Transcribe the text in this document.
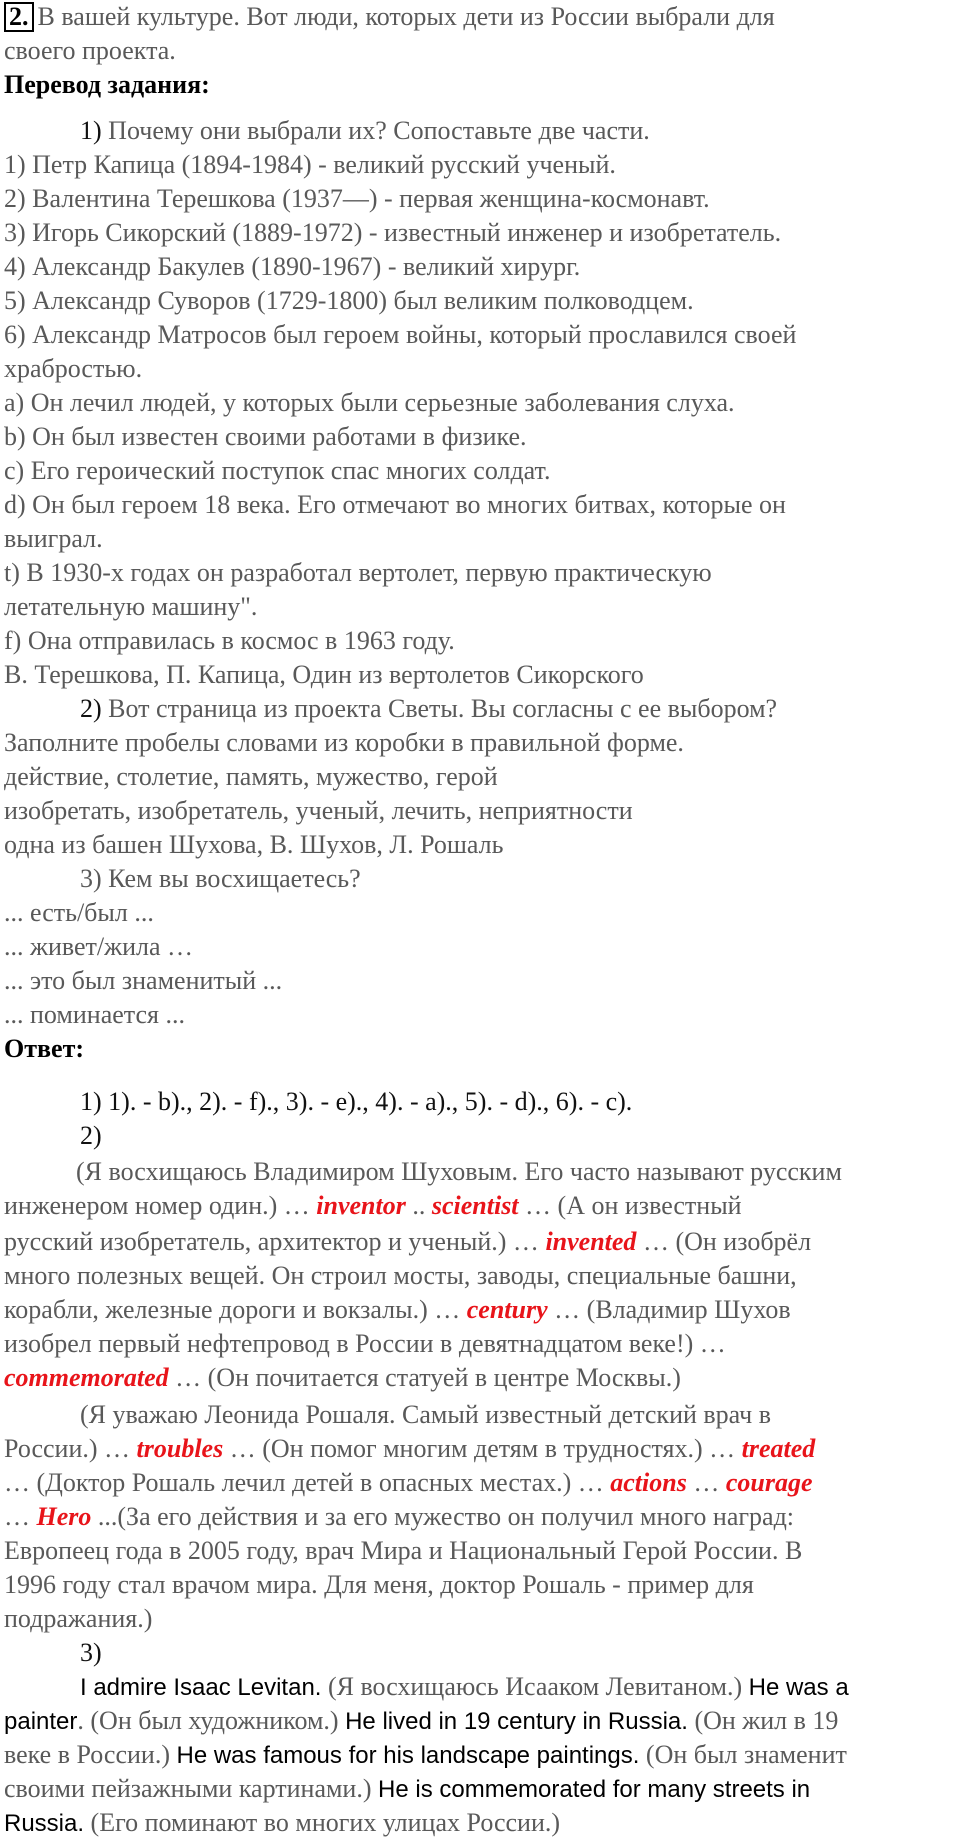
2. В вашей культуре. Вот люди, которых дети из России выбрали для
своего проекта.
Перевод задания:
1) Почему они выбрали их? Сопоставьте две части.
1) Петр Капица (1894-1984) - великий русский ученый.
2) Валентина Терешкова (1937—) - первая женщина-космонавт.
3) Игорь Сикорский (1889-1972) - известный инженер и изобретатель.
4) Александр Бакулев (1890-1967) - великий хирург.
5) Александр Суворов (1729-1800) был великим полководцем.
6) Александр Матросов был героем войны, который прославился своей
храбростью.
a) Он лечил людей, у которых были серьезные заболевания слуха.
b) Он был известен своими работами в физике.
c) Его героический поступок спас многих солдат.
d) Он был героем 18 века. Его отмечают во многих битвах, которые он
выиграл.
t) В 1930-х годах он разработал вертолет, первую практическую
летательную машину".
f) Она отправилась в космос в 1963 году.
В. Терешкова, П. Капица, Один из вертолетов Сикорского
2) Вот страница из проекта Светы. Вы согласны с ее выбором?
Заполните пробелы словами из коробки в правильной форме.
действие, столетие, память, мужество, герой
изобретать, изобретатель, ученый, лечить, неприятности
одна из башен Шухова, В. Шухов, Л. Рошаль
3) Кем вы восхищаетесь?
... есть/был ...
... живет/жила …
... это был знаменитый ...
... поминается ...
Ответ:
1) 1). - b)., 2). - f)., 3). - e)., 4). - a)., 5). - d)., 6). - c).
2)
(Я восхищаюсь Владимиром Шуховым. Его часто называют русским
инженером номер один.) … inventor .. scientist … (А он известный
русский изобретатель, архитектор и ученый.) … invented … (Он изобрёл
много полезных вещей. Он строил мосты, заводы, специальные башни,
корабли, железные дороги и вокзалы.) … century … (Владимир Шухов
изобрел первый нефтепровод в России в девятнадцатом веке!) …
commemorated … (Он почитается статуей в центре Москвы.)
(Я уважаю Леонида Рошаля. Самый известный детский врач в
России.) … troubles … (Он помог многим детям в трудностях.) … treated
… (Доктор Рошаль лечил детей в опасных местах.) … actions … courage
… Hero ...(За его действия и за его мужество он получил много наград:
Европеец года в 2005 году, врач Мира и Национальный Герой России. В
1996 году стал врачом мира. Для меня, доктор Рошаль - пример для
подражания.)
3)
I admire Isaac Levitan. (Я восхищаюсь Исааком Левитаном.) He was a
painter. (Он был художником.) He lived in 19 century in Russia. (Он жил в 19
веке в России.) He was famous for his landscape paintings. (Он был знаменит
своими пейзажными картинами.) He is commemorated for many streets in
Russia. (Его поминают во многих улицах России.)
